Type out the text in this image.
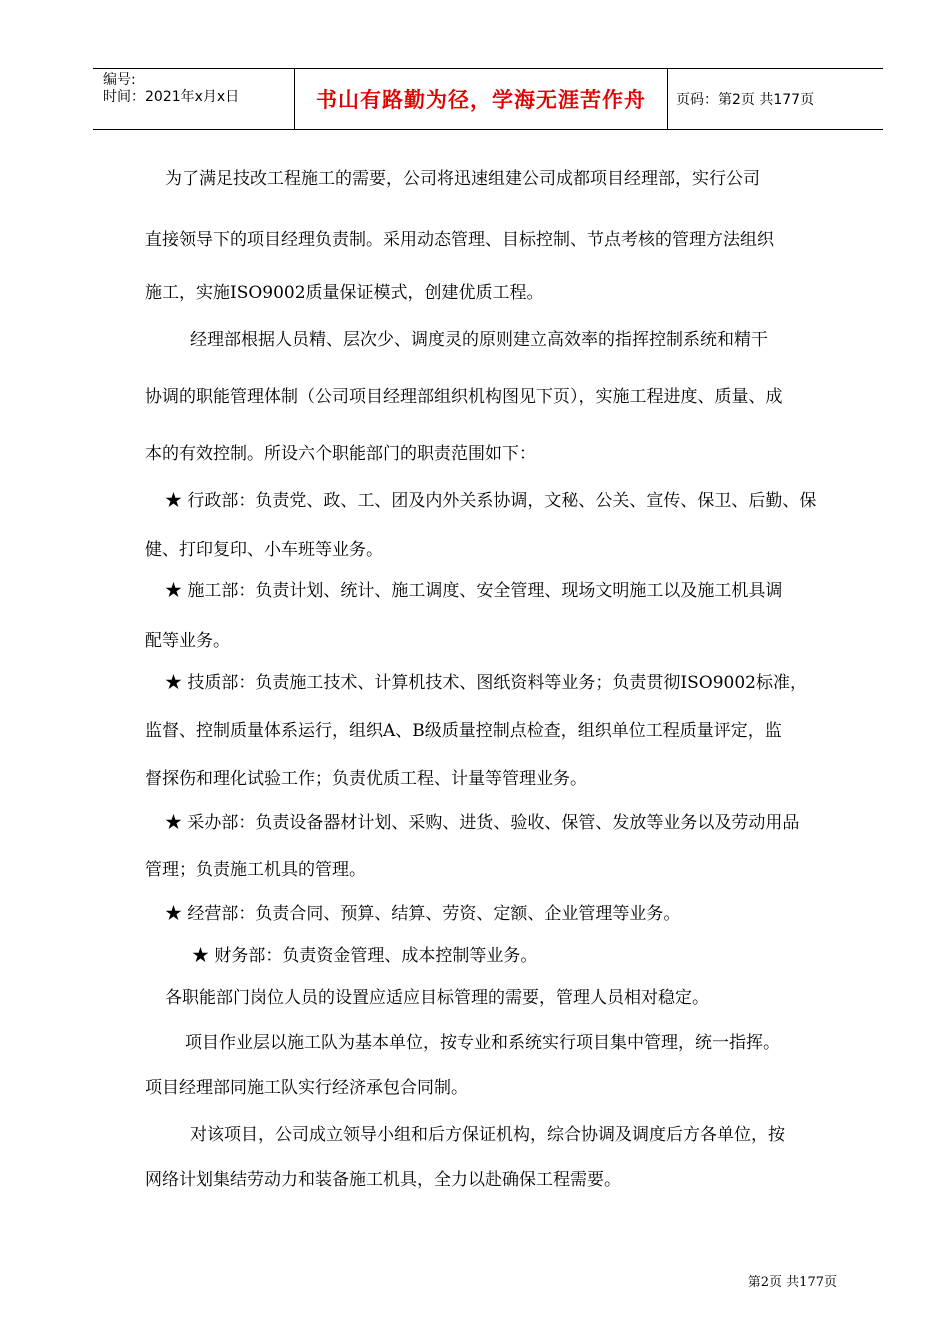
编号:
时间：2021年x月x日	书山有路勤为径，学海无涯苦作舟 页码：第2页 共177页
为了满足技改工程施工的需要，公司将迅速组建公司成都项目经理部，实行公司
直接领导下的项目经理负责制。采用动态管理、目标控制、节点考核的管理方法组织
施工，实施ISO9002质量保证模式，创建优质工程。
经理部根据人员精、层次少、调度灵的原则建立高效率的指挥控制系统和精干
协调的职能管理体制（公司项目经理部组织机构图见下页），实施工程进度、质量、成
本的有效控制。所设六个职能部门的职责范围如下：
★ 行政部：负责党、政、工、团及内外关系协调，文秘、公关、宣传、保卫、后勤、保
健、打印复印、小车班等业务。
★ 施工部：负责计划、统计、施工调度、安全管理、现场文明施工以及施工机具调
配等业务。
★ 技质部：负责施工技术、计算机技术、图纸资料等业务；负责贯彻ISO9002标准，
监督、控制质量体系运行，组织A、B级质量控制点检查，组织单位工程质量评定，监
督探伤和理化试验工作；负责优质工程、计量等管理业务。
★ 采办部：负责设备器材计划、采购、进货、验收、保管、发放等业务以及劳动用品
管理；负责施工机具的管理。
★ 经营部：负责合同、预算、结算、劳资、定额、企业管理等业务。
★ 财务部：负责资金管理、成本控制等业务。
各职能部门岗位人员的设置应适应目标管理的需要，管理人员相对稳定。
项目作业层以施工队为基本单位，按专业和系统实行项目集中管理，统一指挥。
项目经理部同施工队实行经济承包合同制。
对该项目，公司成立领导小组和后方保证机构，综合协调及调度后方各单位，按
网络计划集结劳动力和装备施工机具，全力以赴确保工程需要。
第2页 共177页
